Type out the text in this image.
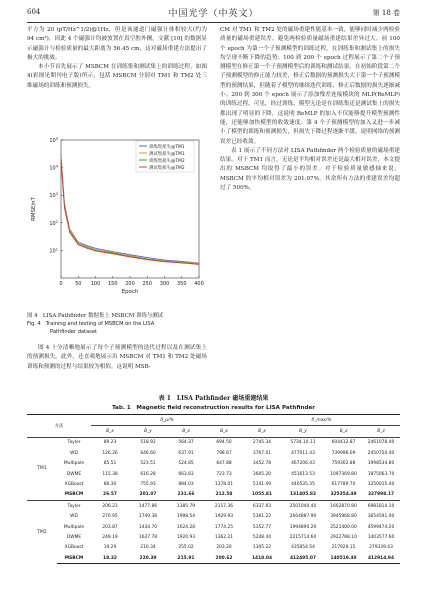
604	中国光学（中英文）	第 18 卷

平方为 20 (pT/Hz^1/2)@1Hz，但是该通道门磁强计体积较大(约为 94 cm³)，因此 4 个磁强计均被放置在真空腔外侧。文献 [10] 的数据显示磁强计与检验质量的最大距离为 56.45 cm，这对磁场重建方法提出了极大的挑战。

本小节首先展示了 MSBCM 在训练集和测试集上的训练过程，如图 4(彩图见期刊电子版)所示，包括 MSBCM 分别对 TM1 和 TM2 处三维磁场的训练和预测损失。

0 50 100 150 200 250 300 350 400
$10^1$
$10^2$
$10^3$
$10^4$
$10^5$
Epoch
RMSE/nT
训练集损失@TM1
测试集损失@TM1
训练集损失@TM2
测试集损失@TM2
图 4　LISA Pathfinder 数据集上 MSBCM 训练与测试
Fig. 4　Training and testing of MSBCM on the LISA
Pathfinder dataset

图 4 十分清晰地展示了每个子预测模型的迭代过程以及在测试集上的预测损失。此外，还直观地展示出 MSBCM 对 TM1 和 TM2 处磁场训练和预测的过程与结果较为相似。这说明 MSB-

CM 对 TM1 和 TM2 处的磁场重建性能基本一致，能够同时减少两检验质量的磁场重建误差，避免两检验质量磁场重建结果差异过大。前 100 个 epoch 为第一个子预测模型的训练过程，在训练集和测试集上的损失均呈现不断下降的趋势；100 到 200 个 epoch 过程展示了第二个子预测模型在修正第一个子预测模型后的训练和测试结果，在初始阶段第二个子预测模型的修正能力较差，修正后数据的预测损失大于第一个子预测模型的预测结果，但随着子模型的继续迭代训练，修正后数据的损失逐渐减小；200 到 300 个 epoch 展示了添加残差连接模块的 MLP(ReMLP)的训练过程，可见，经过训练，模型无论是在训练集还是测试集上的损失都出现了明显的下降，这说明 ReMLP 的加入不仅能够提升模型预测性能，还能够加快模型的收敛速度；第 4 个子预测模型的加入又进一步减小了模型的训练和预测损失，但损失下降过程逐渐平缓，说明网络的预测误差已经收敛。

表 1 展示了不同方法对 LISA Pathfinder 两个检验质量的磁场重建结果。对于 TM1 而言，无论是平均相对误差还是最大相对误差，本文提出的 MSBCM 均取得了最小的误差。对于检验质量敏感轴来说，MSBCM 的平均相对误差为 201.07%，其余所有方法的重建误差均超过了 500%。

表 1　LISA Pathfinder 磁场重建结果
Tab. 1　Magnetic field reconstruction results for LISA Pathfinder
方法		δ_μ/%				δ_max/%			
		B_x	B_y	B_z	B_x	B_x	B_y	B_z	B_z
TM1	Taylor	89.23	518.92	564.37	694.50	2745.34	5734.10.11	604412.87	2461078.40
	WD	126.26	646.60	637.91	798.67	3767.01	477011.43	739996.09	2450750.40
	Multipole	85.51	523.51	524.85	647.88	3452.78	467206.43	759302.88	1998534.80
	DWME	115.38	616.28	663.83	723.73	3645.20	451613.53	1097369.80	1875063.70
	XGBoost	86.30	755.93	884.03	1378.01	5141.49	440535.35	617789.70	3250015.40
	MSBCM	26.57	201.07	231.66	212.58	1055.81	131405.82	325354.49	327898.17
TM2	Taylor	206.23	1477.86	1385.79	2117.36	6337.63	2501040.40	1602870.80	6981814.10
	WD	270.95	1749.38	1998.54	1929.93	5361.22	2664887.90	3945968.80	3654591.40
	Multipole	203.87	1434.70	1624.28	1774.25	5352.77	1994890.20	2521400.00	4599474.20
	DWME	249.19	1627.78	1920.93	1362.21	5248.44	2215714.60	2922788.10	1403577.60
	XGBoost	19.29	210.34	255.02	203.20	1305.22	435854.54	217929.15	279339.43
	MSBCM	18.32	220.39	215.91	200.62	1418.04	412495.07	140519.40	412914.94
